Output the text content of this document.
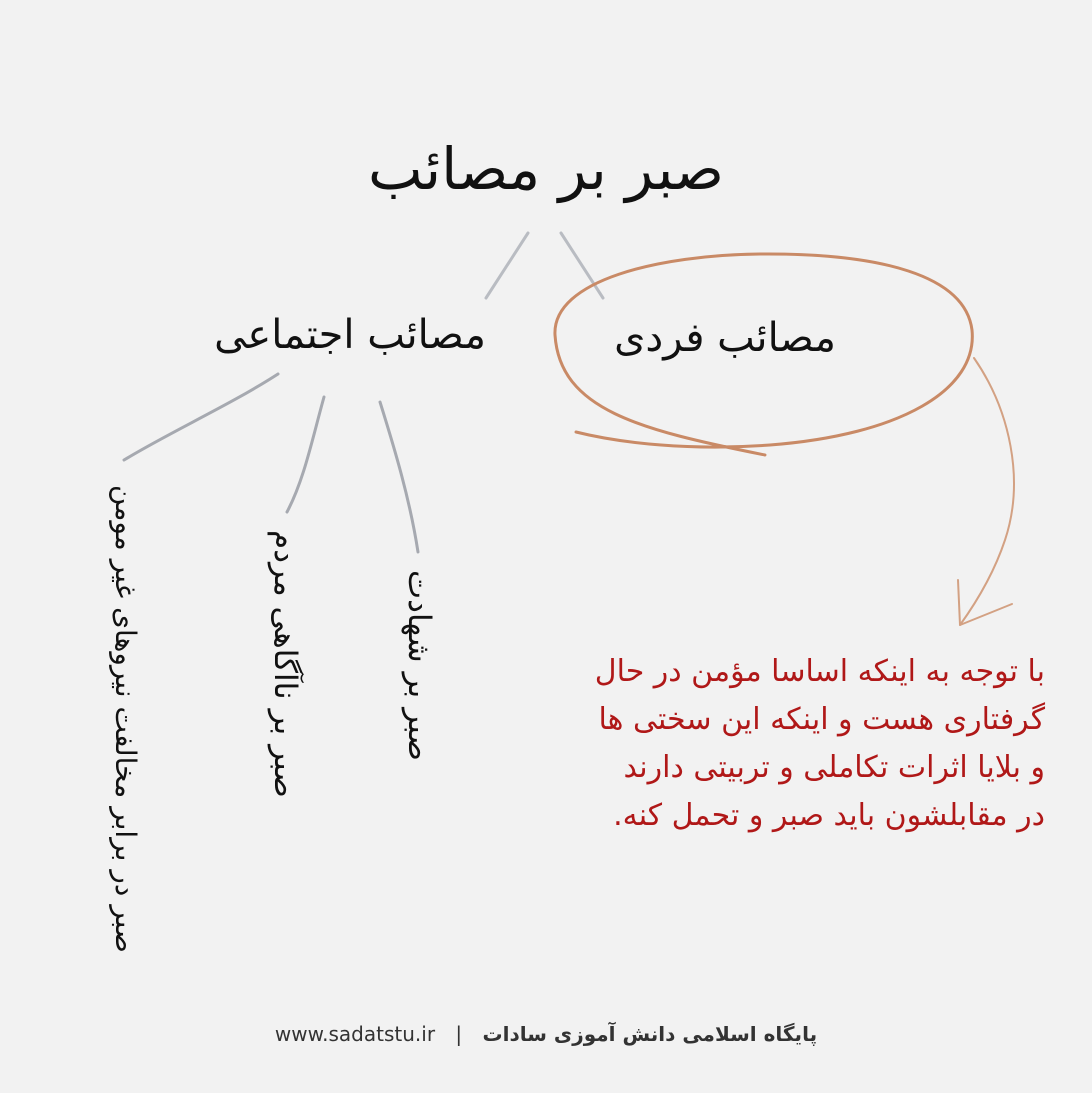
صبر بر مصائب
مصائب اجتماعی	مصائب فردی
صبر در برابر مخالفت نیروهای غیر مومن	صبر بر ناآگاهی مردم	صبر بر شهادت	با توجه به اینکه اساسا مؤمن در حال
گرفتاری هست و اینکه این سختی ها
و بلایا اثرات تکاملی و تربیتی دارند
در مقابلشون باید صبر و تحمل کنه.
www.sadatstu.ir | پایگاه اسلامی دانش آموزی سادات
